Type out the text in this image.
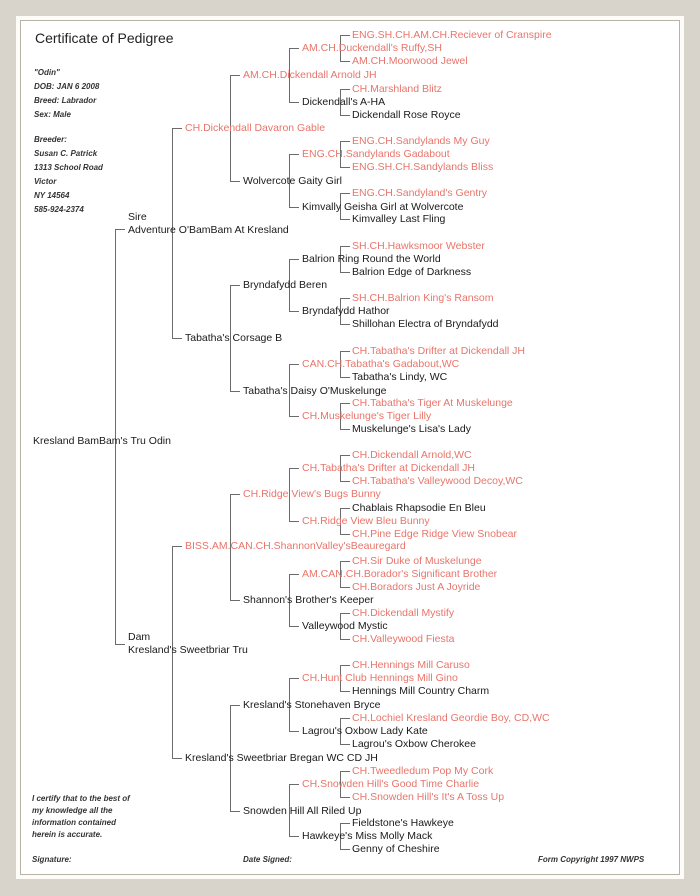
Certificate of Pedigree

"Odin"

DOB: JAN 6 2008

Breed: Labrador

Sex: Male

Breeder:

Susan C. Patrick

1313 School Road

Victor

NY 14564

585-924-2374

Kresland BamBam's Tru Odin
Sire
Adventure O'BamBam At Kresland
Dam
Kresland's Sweetbriar Tru
CH.Dickendall Davaron Gable
Tabatha's Corsage B
BISS.AM.CAN.CH.ShannonValley'sBeauregard
Kresland's Sweetbriar Bregan WC CD JH
AM.CH.Dickendall Arnold JH
Wolvercote Gaity Girl
Bryndafydd Beren
Tabatha's Daisy O'Muskelunge
CH.Ridge View's Bugs Bunny
Shannon's Brother's Keeper
Kresland's Stonehaven Bryce
Snowden Hill All Riled Up
AM.CH.Duckendall's Ruffy,SH
Dickendall's A-HA
ENG.CH.Sandylands Gadabout
Kimvally Geisha Girl at Wolvercote
Balrion Ring Round the World
Bryndafydd Hathor
CAN.CH.Tabatha's Gadabout,WC
CH.Muskelunge's Tiger Lilly
CH.Tabatha's Drifter at Dickendall JH
CH.Ridge View Bleu Bunny
AM.CAN.CH.Borador's Significant Brother
Valleywood Mystic
CH.Hunt Club Hennings Mill Gino
Lagrou's Oxbow Lady Kate
CH.Snowden Hill's Good Time Charlie
Hawkeye's Miss Molly Mack
ENG.SH.CH.AM.CH.Reciever of Cranspire
AM.CH.Moorwood Jewel
CH.Marshland Blitz
Dickendall Rose Royce
ENG.CH.Sandylands My Guy
ENG.SH.CH.Sandylands Bliss
ENG.CH.Sandyland's Gentry
Kimvalley Last Fling
SH.CH.Hawksmoor Webster
Balrion Edge of Darkness
SH.CH.Balrion King's Ransom
Shillohan Electra of Bryndafydd
CH.Tabatha's Drifter at Dickendall JH
Tabatha's Lindy, WC
CH.Tabatha's Tiger At Muskelunge
Muskelunge's Lisa's Lady
CH.Dickendall Arnold,WC
CH.Tabatha's Valleywood Decoy,WC
Chablais Rhapsodie En Bleu
CH.Pine Edge Ridge View Snobear
CH.Sir Duke of Muskelunge
CH.Boradors Just A Joyride
CH.Dickendall Mystify
CH.Valleywood Fiesta
CH.Hennings Mill Caruso
Hennings Mill Country Charm
CH.Lochiel Kresland Geordie Boy, CD,WC
Lagrou's Oxbow Cherokee
CH.Tweedledum Pop My Cork
CH.Snowden Hill's It's A Toss Up
Fieldstone's Hawkeye
Genny of Cheshire
I certify that to the best of my knowledge all the information contained herein is accurate.
Signature:	Date Signed:	Form Copyright 1997 NWPS
